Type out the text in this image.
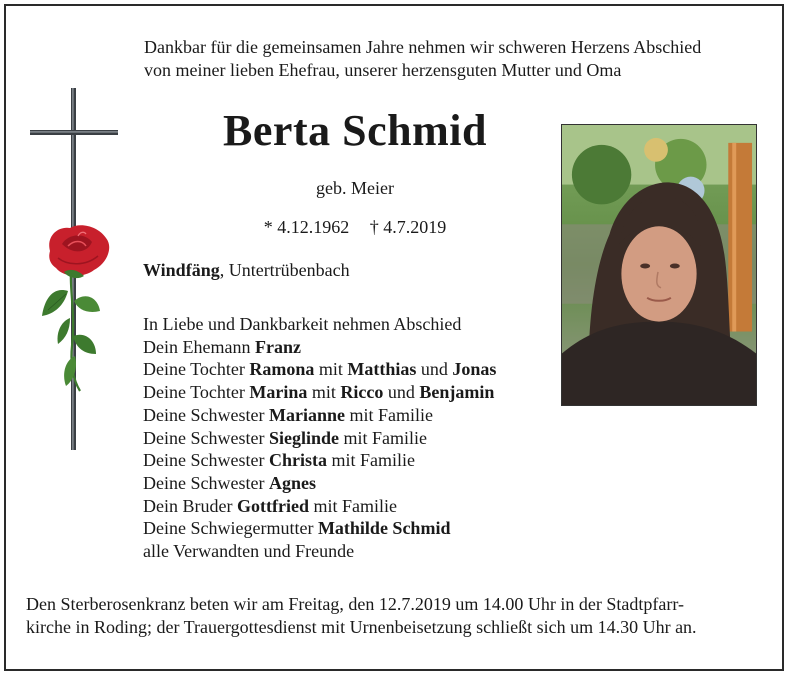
Dankbar für die gemeinsamen Jahre nehmen wir schweren Herzens Abschied
von meiner lieben Ehefrau, unserer herzensguten Mutter und Oma
Berta Schmid
geb. Meier
* 4.12.1962 † 4.7.2019
Windfäng, Untertrübenbach
In Liebe und Dankbarkeit nehmen Abschied
Dein Ehemann Franz
Deine Tochter Ramona mit Matthias und Jonas
Deine Tochter Marina mit Ricco und Benjamin
Deine Schwester Marianne mit Familie
Deine Schwester Sieglinde mit Familie
Deine Schwester Christa mit Familie
Deine Schwester Agnes
Dein Bruder Gottfried mit Familie
Deine Schwiegermutter Mathilde Schmid
alle Verwandten und Freunde
Den Sterberosenkranz beten wir am Freitag, den 12.7.2019 um 14.00 Uhr in der Stadtpfarr-
kirche in Roding; der Trauergottesdienst mit Urnenbeisetzung schließt sich um 14.30 Uhr an.
